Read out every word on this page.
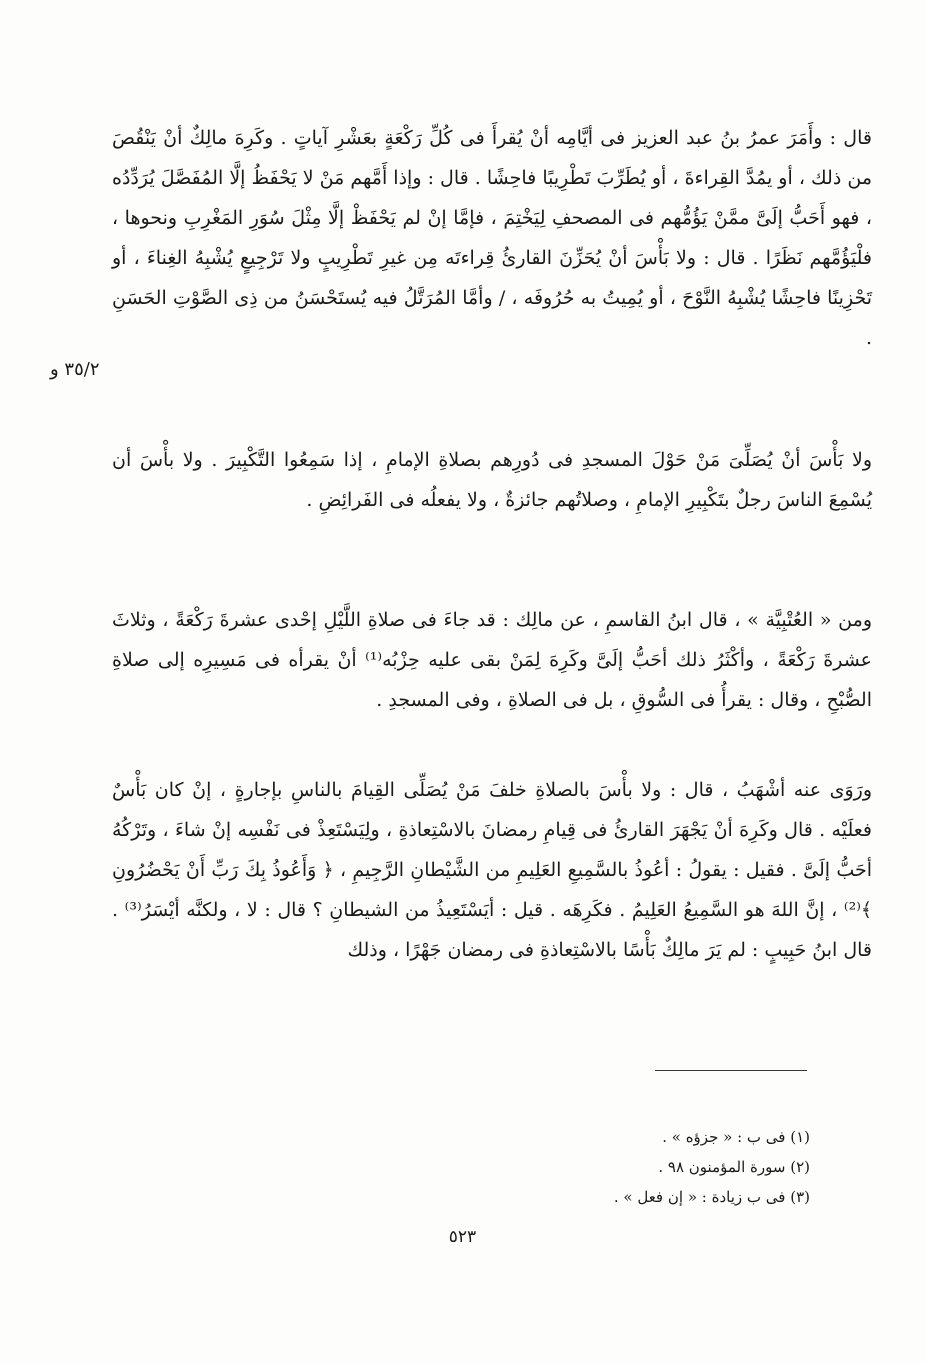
قال : وأَمَرَ عمرُ بنُ عبد العزيز فى أيَّامِه أنْ يُقرأَ فى كُلِّ رَكْعَةٍ بعَشْرِ آياتٍ . وكَرِهَ مالِكٌ أنْ يَنْقُصَ من ذلك ، أو يمُدَّ القِراءةَ ، أو يُطَرِّبَ تَطْرِيبًا فاحِشًا . قال : وإذا أَمَّهم مَنْ لا يَحْفَظُ إلَّا المُفَصَّلَ يُرَدِّدُه ، فهو أَحَبُّ إلَىَّ ممَّنْ يَؤُمُّهم فى المصحفِ لِيَخْتِمَ ، فإمَّا إنْ لم يَحْفَظْ إلَّا مِثْلَ سُوَرِ المَغْرِبِ ونحوها ، فلْيَؤُمَّهم نَظَرًا . قال : ولا بَأْسَ أنْ يُحَزِّنَ القارئُ قِراءتَه مِن غيرِ تَطْرِيبٍ ولا تَرْجِيعٍ يُشْبِهُ الغِناءَ ، أو تَحْزِينًا فاحِشًا يُشْبِهُ النَّوْحَ ، أو يُمِيتُ به حُرُوفَه ، / وأمَّا المُرَتَّلُ فيه يُستَحْسَنُ من ذِى الصَّوْتِ الحَسَنِ .

٣٥/٢ و

ولا بَأْسَ أنْ يُصَلِّىَ مَنْ حَوْلَ المسجدِ فى دُورِهم بصلاةِ الإمامِ ، إذا سَمِعُوا التَّكْبِيرَ . ولا بأْسَ أن يُسْمِعَ الناسَ رجلٌ بتَكْبِيرِ الإمامِ ، وصلاتُهم جائزةٌ ، ولا يفعلُه فى الفَرائِضِ .

ومن « العُتْبِيَّة » ، قال ابنُ القاسمِ ، عن مالِك : قد جاءَ فى صلاةِ اللَّيْلِ إحْدى عشرةَ رَكْعَةً ، وثلاثَ عشرةَ رَكْعَةً ، وأكْثَرُ ذلك أحَبُّ إلَىَّ وكَرِهَ لِمَنْ بقى عليه حِزْبُه⁽¹⁾ أنْ يقرأه فى مَسِيرِه إلى صلاةِ الصُّبْحِ ، وقال : يقرأُ فى السُّوقِ ، بل فى الصلاةِ ، وفى المسجدِ .

ورَوَى عنه أشْهَبُ ، قال : ولا بأْسَ بالصلاةِ خلفَ مَنْ يُصَلِّى القِيامَ بالناسِ بإجارةٍ ، إنْ كان بَأْسٌ فعلَيْه . قال وكَرِهَ أنْ يَجْهَرَ القارئُ فى قِيامِ رمضانَ بالاسْتِعاذةِ ، ولِيَسْتَعِذْ فى نَفْسِه إنْ شاءَ ، وتَرْكُهُ أحَبُّ إلَىَّ . فقيل : يقولُ : أعُوذُ بالسَّمِيعِ العَلِيمِ من الشَّيْطانِ الرَّجِيمِ ، ﴿ وَأَعُوذُ بِكَ رَبِّ أَنْ يَحْضُرُونِ ﴾⁽²⁾ ، إنَّ اللهَ هو السَّمِيعُ العَلِيمُ . فكَرِهَه . قيل : أيَسْتَعِيذُ من الشيطانِ ؟ قال : لا ، ولكنَّه أيْسَرُ⁽³⁾ . قال ابنُ حَبِيبٍ : لم يَرَ مالِكٌ بَأْسًا بالاسْتِعاذةِ فى رمضان جَهْرًا ، وذلك

(١) فى ب : « جزؤه » .
(٢) سورة المؤمنون ٩٨ .
(٣) فى ب زيادة : « إن فعل » .
٥٢٣
